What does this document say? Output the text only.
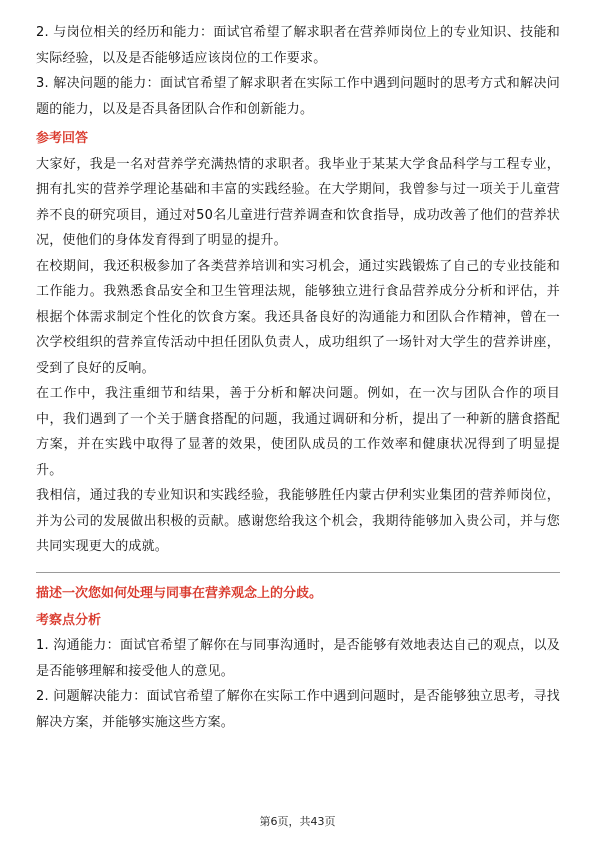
2. 与岗位相关的经历和能力：面试官希望了解求职者在营养师岗位上的专业知识、技能和实际经验，以及是否能够适应该岗位的工作要求。

3. 解决问题的能力：面试官希望了解求职者在实际工作中遇到问题时的思考方式和解决问题的能力，以及是否具备团队合作和创新能力。

参考回答

大家好，我是一名对营养学充满热情的求职者。我毕业于某某大学食品科学与工程专业，拥有扎实的营养学理论基础和丰富的实践经验。在大学期间，我曾参与过一项关于儿童营养不良的研究项目，通过对50名儿童进行营养调查和饮食指导，成功改善了他们的营养状况，使他们的身体发育得到了明显的提升。

在校期间，我还积极参加了各类营养培训和实习机会，通过实践锻炼了自己的专业技能和工作能力。我熟悉食品安全和卫生管理法规，能够独立进行食品营养成分分析和评估，并根据个体需求制定个性化的饮食方案。我还具备良好的沟通能力和团队合作精神，曾在一次学校组织的营养宣传活动中担任团队负责人，成功组织了一场针对大学生的营养讲座，受到了良好的反响。

在工作中，我注重细节和结果，善于分析和解决问题。例如，在一次与团队合作的项目中，我们遇到了一个关于膳食搭配的问题，我通过调研和分析，提出了一种新的膳食搭配方案，并在实践中取得了显著的效果，使团队成员的工作效率和健康状况得到了明显提升。

我相信，通过我的专业知识和实践经验，我能够胜任内蒙古伊利实业集团的营养师岗位，并为公司的发展做出积极的贡献。感谢您给我这个机会，我期待能够加入贵公司，并与您共同实现更大的成就。

描述一次您如何处理与同事在营养观念上的分歧。

考察点分析

1. 沟通能力：面试官希望了解你在与同事沟通时，是否能够有效地表达自己的观点，以及是否能够理解和接受他人的意见。

2. 问题解决能力：面试官希望了解你在实际工作中遇到问题时，是否能够独立思考，寻找解决方案，并能够实施这些方案。

第6页，共43页
